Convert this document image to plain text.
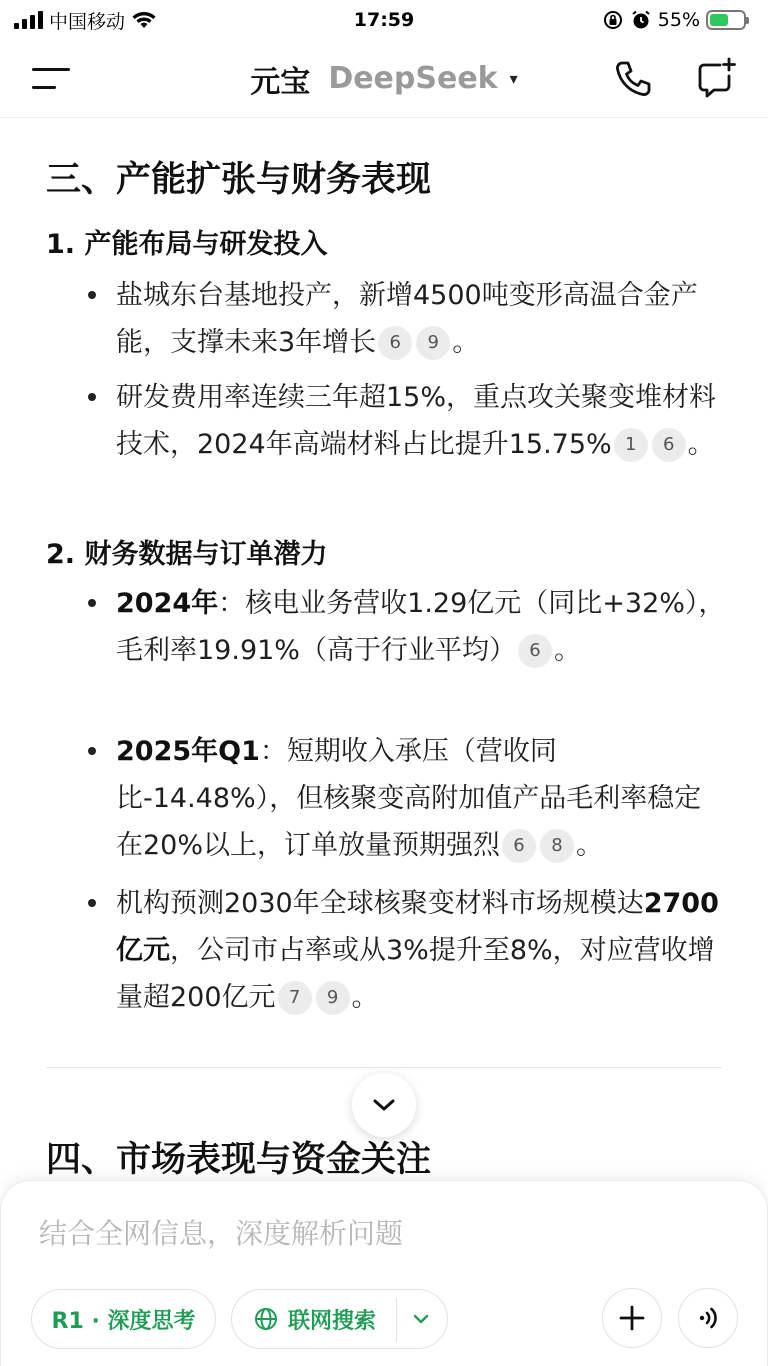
中国移动	17:59	55%
元宝 DeepSeek ▾
三、产能扩张与财务表现
1. 产能布局与研发投入
盐城东台基地投产，新增4500吨变形高温合金产能，支撑未来3年增长 6 9 。
研发费用率连续三年超15%，重点攻关聚变堆材料技术，2024年高端材料占比提升15.75% 1 6 。
2. 财务数据与订单潜力
2024年：核电业务营收1.29亿元（同比+32%），毛利率19.91%（高于行业平均） 6 。
2025年Q1：短期收入承压（营收同比-14.48%），但核聚变高附加值产品毛利率稳定在20%以上，订单放量预期强烈 6 8 。
机构预测2030年全球核聚变材料市场规模达2700亿元，公司市占率或从3%提升至8%，对应营收增量超200亿元 7 9 。
四、市场表现与资金关注
结合全网信息，深度解析问题
R1 · 深度思考	联网搜索
